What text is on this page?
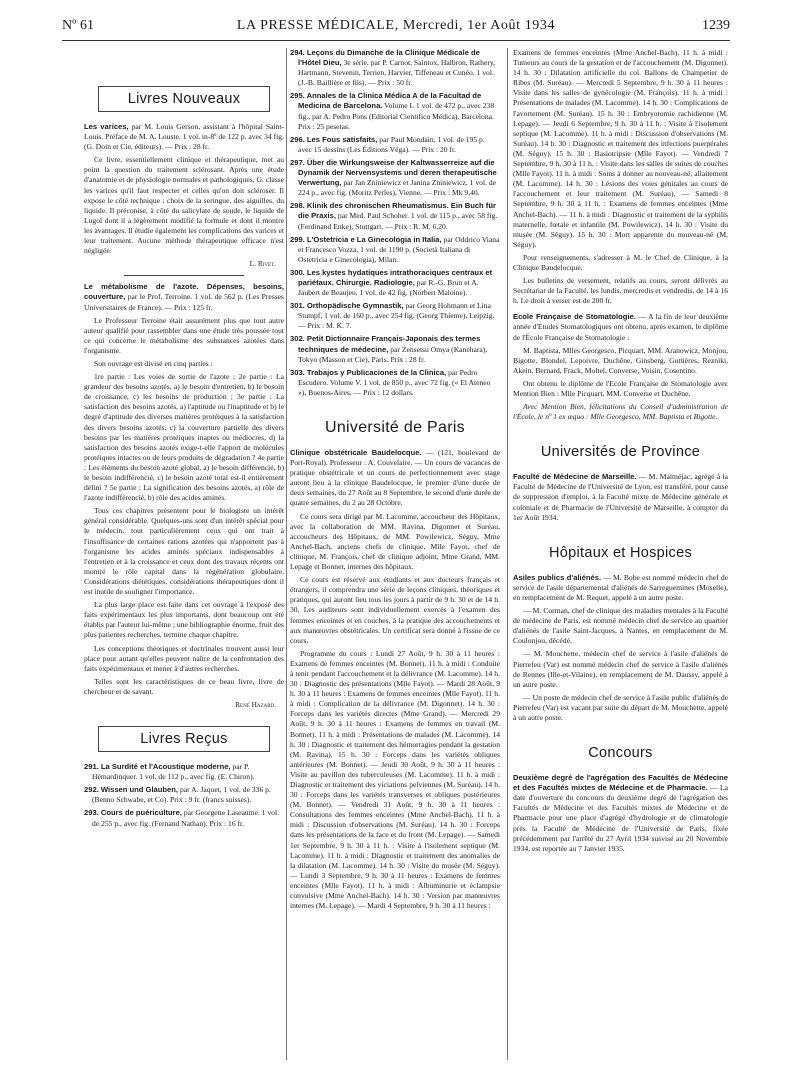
Nº 61	LA PRESSE MÉDICALE, Mercredi, 1er Août 1934	1239
Livres Nouveaux

Les varices, par M. Louis Gerson, assistant à l'hôpital Saint-Louis. Préface de M. A. Louste. 1 vol. in-8º de 122 p. avec 34 fig. (G. Doin et Cie, éditeurs). — Prix : 28 fr.

Ce livre, essentiellement clinique et thérapeutique, met au point la question du traitement sclérosant. Après une étude d'anatomie et de physiologie normales et pathologiques, G. classe les varices qu'il faut respecter et celles qu'on doit scléroser. Il expose le côté technique : choix de la seringue, des aiguilles, du liquide. Il préconise, à côté du salicylate de soude, le liquide de Lugol dont il a légèrement modifié la formule et dont il montre les avantages. Il étudie également les complications des varices et leur traitement. Aucune méthode thérapeutique efficace n'est négligée.

L. Rivet.

Le métabolisme de l'azote. Dépenses, besoins, couverture, par le Prof. Terroine. 1 vol. de 562 p. (Les Presses Universitaires de France). — Prix : 125 fr.

Le Professeur Terroine était assurément plus que tout autre auteur qualifié pour rassembler dans une étude très poussée tout ce qui concerne le métabolisme des substances azotées dans l'organisme.

Son ouvrage est divisé en cinq parties :

1re partie : Les voies de sortie de l'azote ; 2e partie : La grandeur des besoins azotés, a) le besoin d'entretien, b) le besoin de croissance, c) les besoins de production ; 3e partie : La satisfaction des besoins azotés, a) l'aptitude ou l'inaptitude et b) le degré d'aptitude des diverses matières protéiques à la satisfaction des divers besoins azotés, c) la couverture partielle des divers besoins par les matières protéiques inaptes ou médiocres, d) la satisfaction des besoins azotés exige-t-elle l'apport de molécules protéiques intactes ou de leurs produits de dégradation ? 4e partie : Les éléments du besoin azoté global, a) le besoin différencié, b) le besoin indifférencié, c) le besoin azoté total est-il entièrement défini ? 5e partie : La signification des besoins azotés, a) rôle de l'azote indifférencié, b) rôle des acides aminés.

Tous ces chapitres présentent pour le biologiste un intérêt général considérable. Quelques-uns sont d'un intérêt spécial pour le médecin, tout particulièrement ceux qui ont trait à l'insuffisance de certaines rations azotées qui n'apportent pas à l'organisme les acides aminés spéciaux indispensables à l'entretien et à la croissance et ceux dont des travaux récents ont montré le rôle capital dans la régénération globulaire. Considérations diététiques, considérations thérapeutiques dont il est inutile de souligner l'importance.

La plus large place est faite dans cet ouvrage à l'exposé des faits expérimentaux les plus importants, dont beaucoup ont été établis par l'auteur lui-même ; une bibliographie énorme, fruit des plus patientes recherches, termine chaque chapitre.

Les conceptions théoriques et doctrinales trouvent aussi leur place pour autant qu'elles peuvent naître de la confrontation des faits expérimentaux et mener à d'autres recherches.

Telles sont les caractéristiques de ce beau livre, livre de chercheur et de savant.

René Hazard.
Livres Reçus
291. La Surdité et l'Acoustique moderne, par P. Hémardinquer. 1 vol. de 112 p., avec fig. (E. Chiron).
292. Wissen und Glauben, par A. Jaquet, 1 vol. de 336 p. (Benno Schwabe, et Co). Prix : 9 fr. (francs suisses).
293. Cours de puériculture, par Georgette Laseaume. 1 vol. de 255 p., avec fig. (Fernand Nathan). Prix : 16 fr.
294. Leçons du Dimanche de la Clinique Médicale de l'Hôtel Dieu, 3e série, par P. Carnot, Saintox, Halbron, Rathery, Hartmann, Stevenin, Terrien, Harvier, Tiffeneau et Cunéo. 1 vol. (J.-B. Baillière et fils). — Prix : 50 fr.
295. Annales de la Clinica Médica A de la Facultad de Medicina de Barcelona. Volume I. 1 vol. de 472 p., avec 238 fig., par A. Pedro Pons (Editorial Cientifico Médica), Barcelona. Prix : 25 pesetas.
296. Les Fous satisfaits, par Paul Mondain, 1 vol. de 195 p. avec 15 dessins (Les Éditions Véga). — Prix : 20 fr.
297. Über die Wirkungsweise der Kaltwasserreize auf die Dynamik der Nervensystems und deren therapeutische Verwertung, par Jan Zniniewicz et Janina Zniniewicz, 1 vol. de 224 p., avec fig. (Moritz Perles), Vienne. — Prix : Mk 9,40.
298. Klinik des chronischen Rheumatismus. Ein Buch für die Praxis, par Med. Paul Schober. 1 vol. de 115 p., avec 58 fig. (Ferdinand Enke), Stuttgart. — Prix : R. M. 6,20.
299. L'Ostetricia e La Ginecologia in Italia, par Oddrico Viana et Francesco Vozza, 1 vol. de 1190 p. (Società Italiana di Ostetricia e Ginecologia), Milan.
300. Les kystes hydatiques intrathoraciques centraux et pariétaux. Chirurgie. Radiologie, par R.-G. Brun et A. Jaubert de Beaujeu. 1 vol. de 42 fig. (Norbert Maloine).
301. Orthopädische Gymnastik, par Georg Hohmann et Lina Stumpf, 1 vol. de 160 p., avec 254 fig. (Georg Thieme), Leipzig. — Prix : M. K. 7.
302. Petit Dictionnaire Français-Japonais des termes techniques de médecine, par Zensetsu Omya (Kanehara), Tokyo (Masson et Cie), Paris. Prix : 28 fr.
303. Trabajos y Publicaciones de la Clinica, par Pedro Escudero. Volume V. 1 vol. de 850 p., avec 72 fig. (« El Ateneo »), Buenos-Aires. — Prix : 12 dollars.
Université de Paris

Clinique obstétricale Baudelocque. — (121, boulevard de Port-Royal). Professeur : A. Couvelaire. — Un cours de vacances de pratique obstétricale et un cours de perfectionnement avec stage auront lieu à la clinique Baudelocque, le premier d'une durée de deux semaines, du 27 Août au 8 Septembre, le second d'une durée de quatre semaines, du 2 au 28 Octobre.

Ce cours sera dirigé par M. Lacomme, accoucheur des Hôpitaux, avec la collaboration de MM. Ravina, Digonnet et Suréau, accoucheurs des Hôpitaux, de MM. Powilewicz, Séguy, Mme Anchel-Bach, anciens chefs de clinique, Mlle Fayot, chef de clinique, M. François, chef de clinique adjoint, Mme Grand, MM. Lepage et Bonnet, internes des hôpitaux.

Ce cours est réservé aux étudiants et aux docteurs français et étrangers, il comprendra une série de leçons cliniques, théoriques et pratiques, qui auront lieu tous les jours à partir de 9 h. 30 et de 14 h. 30. Les auditeurs sont individuellement exercés à l'examen des femmes enceintes et en couches, à la pratique des accouchements et aux manœuvres obstétricales. Un certificat sera donné à l'issue de ce cours.

Programme du cours : Lundi 27 Août, 9 h. 30 à 11 heures : Examens de femmes enceintes (M. Bonnet). 11 h. à midi : Conduite à tenir pendant l'accouchement et la délivrance (M. Lacomme). 14 h. 30 : Diagnostic des présentations (Mlle Fayot). — Mardi 28 Août, 9 h. 30 à 11 heures : Examens de femmes enceintes (Mlle Fayot). 11 h. à midi : Complication de la délivrance (M. Digonnet). 14 h. 30 : Forceps dans les variétés directes (Mme Grand). — Mercredi 29 Août, 9 h. 30 à 11 heures : Examens de femmes en travail (M. Bonnet). 11 h. à midi : Présentations de malades (M. Lacomme). 14 h. 30 : Diagnostic et traitement des hémorragies pendant la gestation (M. Ravina). 15 h. 30 : Forceps dans les variétés obliques antérieures (M. Bonnet). — Jeudi 30 Août, 9 h. 30 à 11 heures : Visite au pavillon des tuberculeuses (M. Lacomme). 11 h. à midi : Diagnostic et traitement des viciations pelviennes (M. Suréau). 14 h. 30 : Forceps dans les variétés transverses et obliques postérieures (M. Bonnet). — Vendredi 31 Août, 9 h. 30 à 11 heures : Consultations des femmes enceintes (Mme Anchel-Bach). 11 h. à midi : Discussion d'observations (M. Suréau). 14 h. 30 : Forceps dans les présentations de la face et du front (M. Lepage). — Samedi 1er Septembre, 9 h. 30 à 11 h. : Visite à l'isolement septique (M. Lacomme). 11 h. à midi : Diagnostic et traitement des anomalies de la dilatation (M. Lacomme). 14 h. 30 : Visite du musée (M. Séguy). — Lundi 3 Septembre, 9 h. 30 à 11 heures : Examens de femmes enceintes (Mlle Fayot). 11 h. à midi : Albuminurie et éclampsie convulsive (Mme Anchel-Bach). 14 h. 30 : Version par manœuvres internes (M. Lepage). — Mardi 4 Septembre, 9 h. 30 à 11 heures :

Examens de femmes enceintes (Mme Anchel-Bach). 11 h. à midi : Tumeurs au cours de la gestation et de l'accouchement (M. Digonnet). 14 h. 30 : Dilatation artificielle du col. Ballons de Champetier de Ribes (M. Suréau). — Mercredi 5 Septembre, 9 h. 30 à 11 heures : Visite dans les salles de gynécologie (M. François). 11 h. à midi : Présentations de malades (M. Lacomme). 14 h. 30 : Complications de l'avortement (M. Suréau). 15 h. 30 : Embryotomie rachidienne (M. Lepage). — Jeudi 6 Septembre, 9 h. 30 à 11 h. : Visite à l'isolement septique (M. Lacomme). 11 h. à midi : Discussion d'observations (M. Suréau). 14 h. 30 : Diagnostic et traitement des infections puerpérales (M. Séguy). 15 h. 30 : Basiotripsie (Mlle Fayot). — Vendredi 7 Septembre, 9 h. 30 à 11 h. : Visite dans les salles de suites de couches (Mlle Fayot). 11 h. à midi : Soins à donner au nouveau-né, allaitement (M. Lacomme). 14 h. 30 : Lésions des voies génitales au cours de l'accouchement et leur traitement (M. Suréau). — Samedi 8 Septembre, 9 h. 30 à 11 h. : Examens de femmes enceintes (Mme Anchel-Bach). — 11 h. à midi : Diagnostic et traitement de la syphilis maternelle, fœtale et infantile (M. Powilewicz). 14 h. 30 : Visite du musée (M. Séguy). 15 h. 30 : Mort apparente du nouveau-né (M. Séguy).

Pour renseignements, s'adresser à M. le Chef de Clinique, à la Clinique Baudelocque.

Les bulletins de versement, relatifs au cours, seront délivrés au Secrétariat de la Faculté, les lundis, mercredis et vendredis, de 14 à 16 h. Le droit à verser est de 200 fr.

Ecole Française de Stomatologie. — A la fin de leur deuxième année d'Etudes Stomatologiques ont obtenu, après examen, le diplôme de l'École Française de Stomatologie :

M. Baptista, Mlles Georgesco, Picquart, MM. Aranowicz, Monjou, Bigotte, Blondel, Lepoivre, Duchêne, Ginsberg, Guttières, Rezniki, Akein, Bernard, Frack, Moltel, Converse, Voisin, Cosentino.

Ont obtenu le diplôme de l'Ecole Française de Stomatologie avec Mention Bien : Mlle Picquart, MM. Converse et Duchêne.

Avec Mention Bien, félicitations du Conseil d'administration de l'École, le nº 1 ex æquo : Mlle Georgesco, MM. Baptista et Bigotte.

Universités de Province

Faculté de Médecine de Marseille. — M. Malméjac, agrégé à la Faculté de Médecine de l'Université de Lyon, est transféré, pour cause de suppression d'emploi, à la Faculté mixte de Médecine générale et coloniale et de Pharmacie de l'Université de Marseille, à compter du 1er Août 1934.

Hôpitaux et Hospices

Asiles publics d'aliénés. — M. Bobe est nommé médecin chef de service de l'asile départemental d'aliénés de Sarreguemines (Moselle), en remplacement de M. Requet, appelé à un autre poste.

— M. Corman, chef de clinique des maladies mentales à la Faculté de médecine de Paris, est nommé médecin chef de service au quartier d'aliénés de l'asile Saint-Jacques, à Nantes, en remplacement de M. Coulonjou, décédé.

— M. Mouchette, médecin chef de service à l'asile d'aliénés de Pierrefeu (Var) est nommé médecin chef de service à l'asile d'aliénés de Rennes (Ille-et-Vilaine), en remplacement de M. Daussy, appelé à un autre poste.

— Un poste de médecin chef de service à l'asile public d'aliénés de Pierrefeu (Var) est vacant par suite du départ de M. Mouchette, appelé à un autre poste.

Concours

Deuxième degré de l'agrégation des Facultés de Médecine et des Facultés mixtes de Médecine et de Pharmacie. — La date d'ouverture du concours du deuxième degré de l'agrégation des Facultés de Médecine et des Facultés mixtes de Médecine et de Pharmacie pour une place d'agrégé d'hydrologie et de climatologie près la Faculté de Médecine de l'Université de Paris, fixée précédemment par l'arrêté du 27 Avril 1934 susvisé au 20 Novembre 1934, est reportée au 7 Janvier 1935.
